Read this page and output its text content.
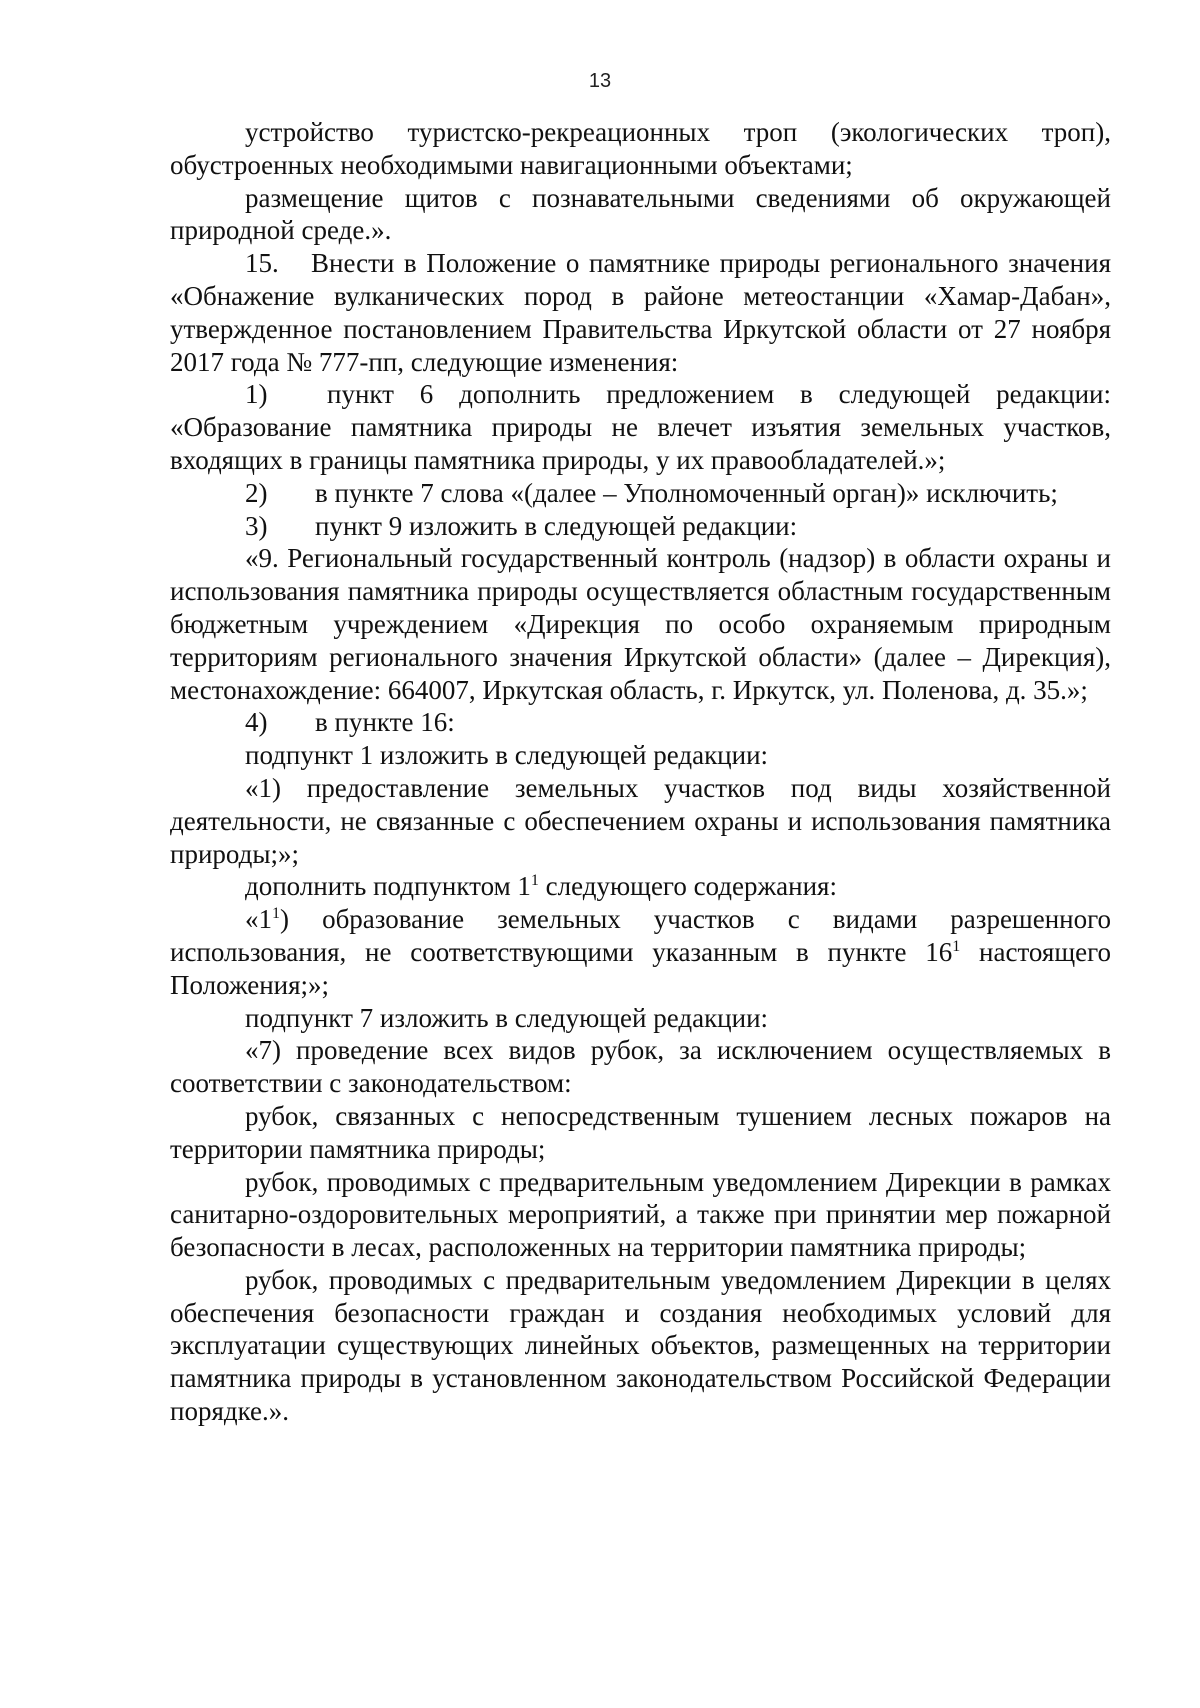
13

устройство туристско-рекреационных троп (экологических троп), обустроенных необходимыми навигационными объектами;

размещение щитов с познавательными сведениями об окружающей природной среде.».

15. Внести в Положение о памятнике природы регионального значения «Обнажение вулканических пород в районе метеостанции «Хамар-Дабан», утвержденное постановлением Правительства Иркутской области от 27 ноября 2017 года № 777-пп, следующие изменения:

1) пункт 6 дополнить предложением в следующей редакции: «Образование памятника природы не влечет изъятия земельных участков, входящих в границы памятника природы, у их правообладателей.»;

2) в пункте 7 слова «(далее – Уполномоченный орган)» исключить;

3) пункт 9 изложить в следующей редакции:

«9. Региональный государственный контроль (надзор) в области охраны и использования памятника природы осуществляется областным государственным бюджетным учреждением «Дирекция по особо охраняемым природным территориям регионального значения Иркутской области» (далее – Дирекция), местонахождение: 664007, Иркутская область, г. Иркутск, ул. Поленова, д. 35.»;

4) в пункте 16:

подпункт 1 изложить в следующей редакции:

«1) предоставление земельных участков под виды хозяйственной деятельности, не связанные с обеспечением охраны и использования памятника природы;»;

дополнить подпунктом $1^1$ следующего содержания:

«$1^1$) образование земельных участков с видами разрешенного использования, не соответствующими указанным в пункте $16^1$ настоящего Положения;»;

подпункт 7 изложить в следующей редакции:

«7) проведение всех видов рубок, за исключением осуществляемых в соответствии с законодательством:

рубок, связанных с непосредственным тушением лесных пожаров на территории памятника природы;

рубок, проводимых с предварительным уведомлением Дирекции в рамках санитарно-оздоровительных мероприятий, а также при принятии мер пожарной безопасности в лесах, расположенных на территории памятника природы;

рубок, проводимых с предварительным уведомлением Дирекции в целях обеспечения безопасности граждан и создания необходимых условий для эксплуатации существующих линейных объектов, размещенных на территории памятника природы в установленном законодательством Российской Федерации порядке.».
